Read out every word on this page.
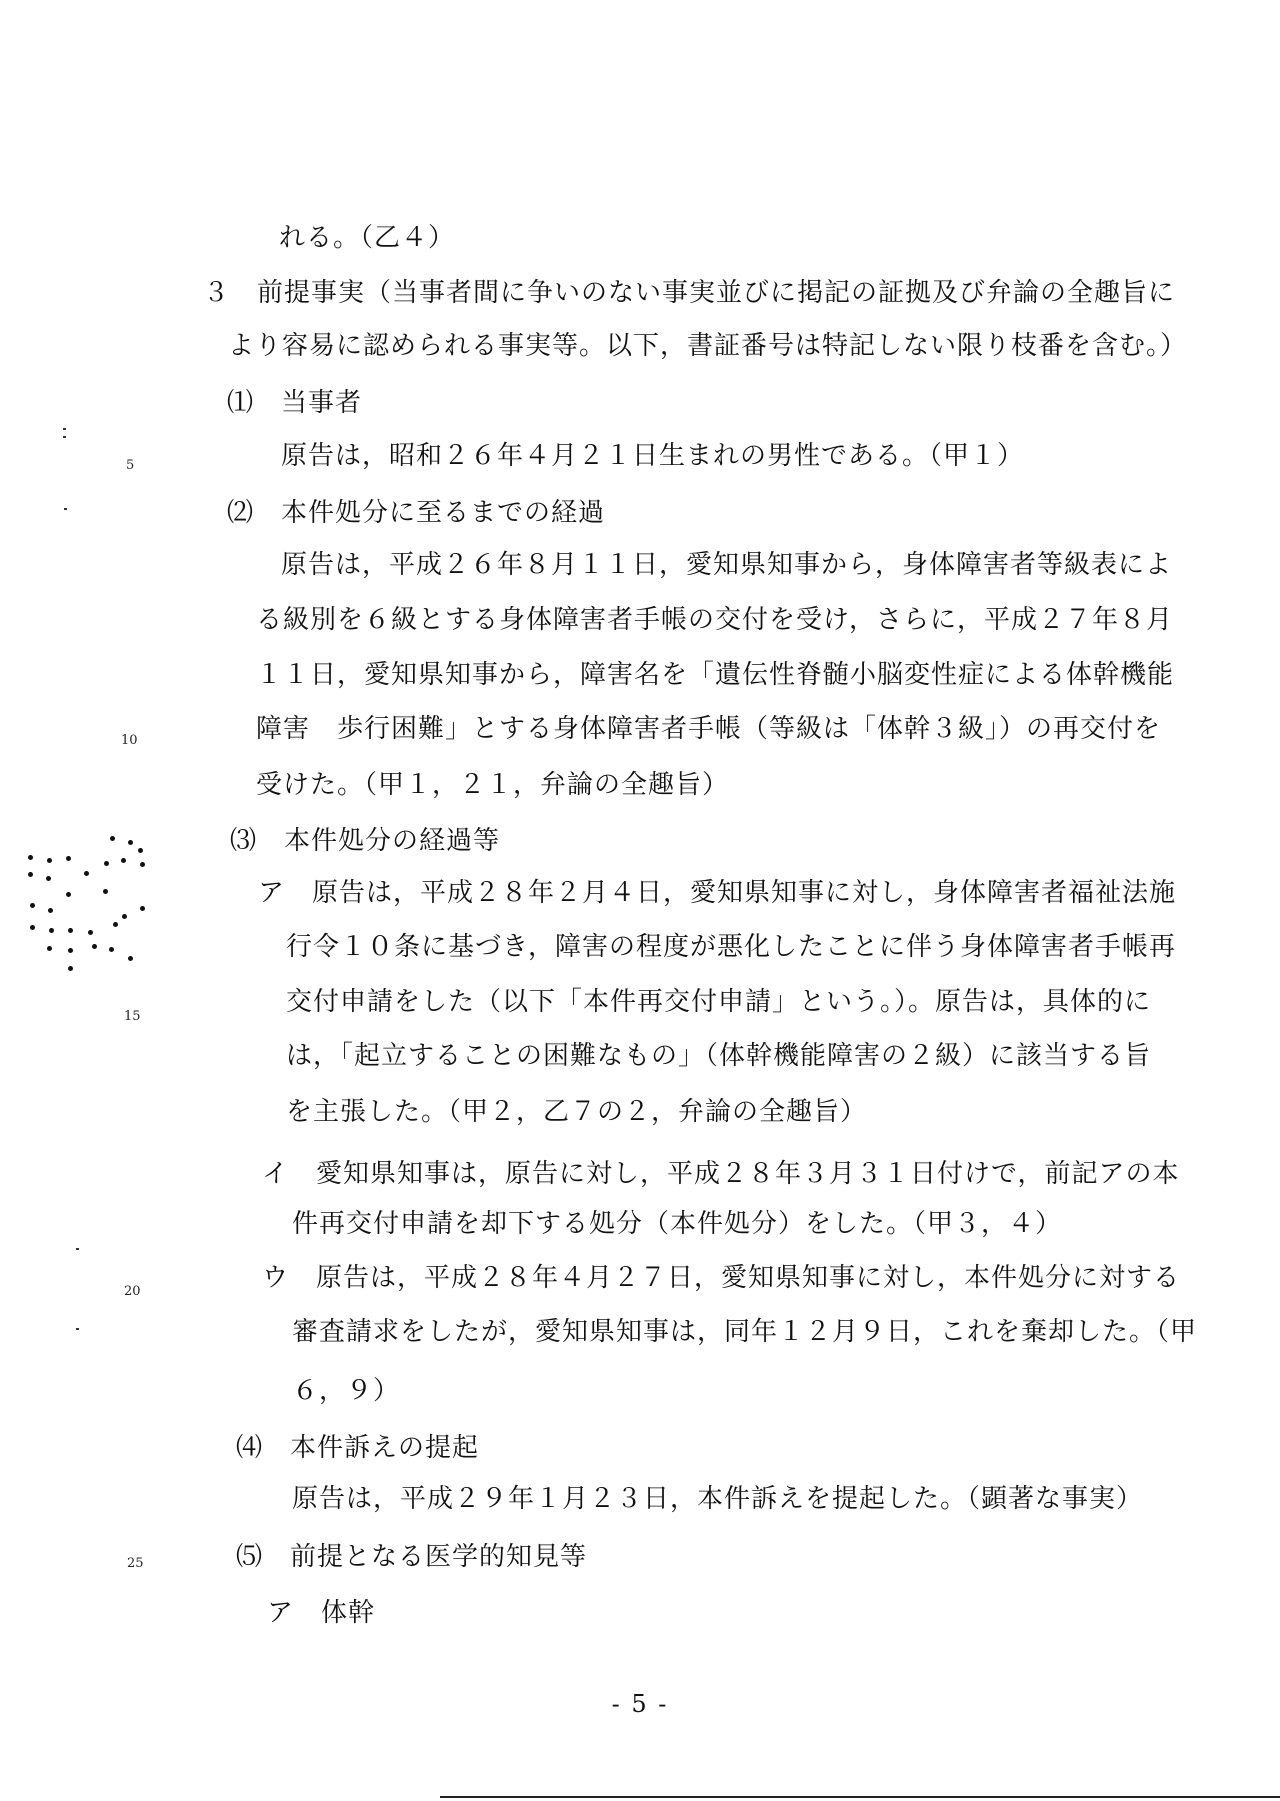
れる。（乙４）
３　前提事実（当事者間に争いのない事実並びに掲記の証拠及び弁論の全趣旨に
より容易に認められる事実等。以下，書証番号は特記しない限り枝番を含む。）
⑴　当事者
原告は，昭和２６年４月２１日生まれの男性である。（甲１）
⑵　本件処分に至るまでの経過
原告は，平成２６年８月１１日，愛知県知事から，身体障害者等級表によ
る級別を６級とする身体障害者手帳の交付を受け，さらに，平成２７年８月
１１日，愛知県知事から，障害名を「遺伝性脊髄小脳変性症による体幹機能
障害　歩行困難」とする身体障害者手帳（等級は「体幹３級」）の再交付を
受けた。（甲１，２１，弁論の全趣旨）
⑶　本件処分の経過等
ア　原告は，平成２８年２月４日，愛知県知事に対し，身体障害者福祉法施
行令１０条に基づき，障害の程度が悪化したことに伴う身体障害者手帳再
交付申請をした（以下「本件再交付申請」という。）。原告は，具体的に
は，「起立することの困難なもの」（体幹機能障害の２級）に該当する旨
を主張した。（甲２，乙７の２，弁論の全趣旨）
イ　愛知県知事は，原告に対し，平成２８年３月３１日付けで，前記アの本
件再交付申請を却下する処分（本件処分）をした。（甲３，４）
ウ　原告は，平成２８年４月２７日，愛知県知事に対し，本件処分に対する
審査請求をしたが，愛知県知事は，同年１２月９日，これを棄却した。（甲
６，９）
⑷　本件訴えの提起
原告は，平成２９年１月２３日，本件訴えを提起した。（顕著な事実）
⑸　前提となる医学的知見等
ア　体幹
5
10
15
20
25
- 5 -
